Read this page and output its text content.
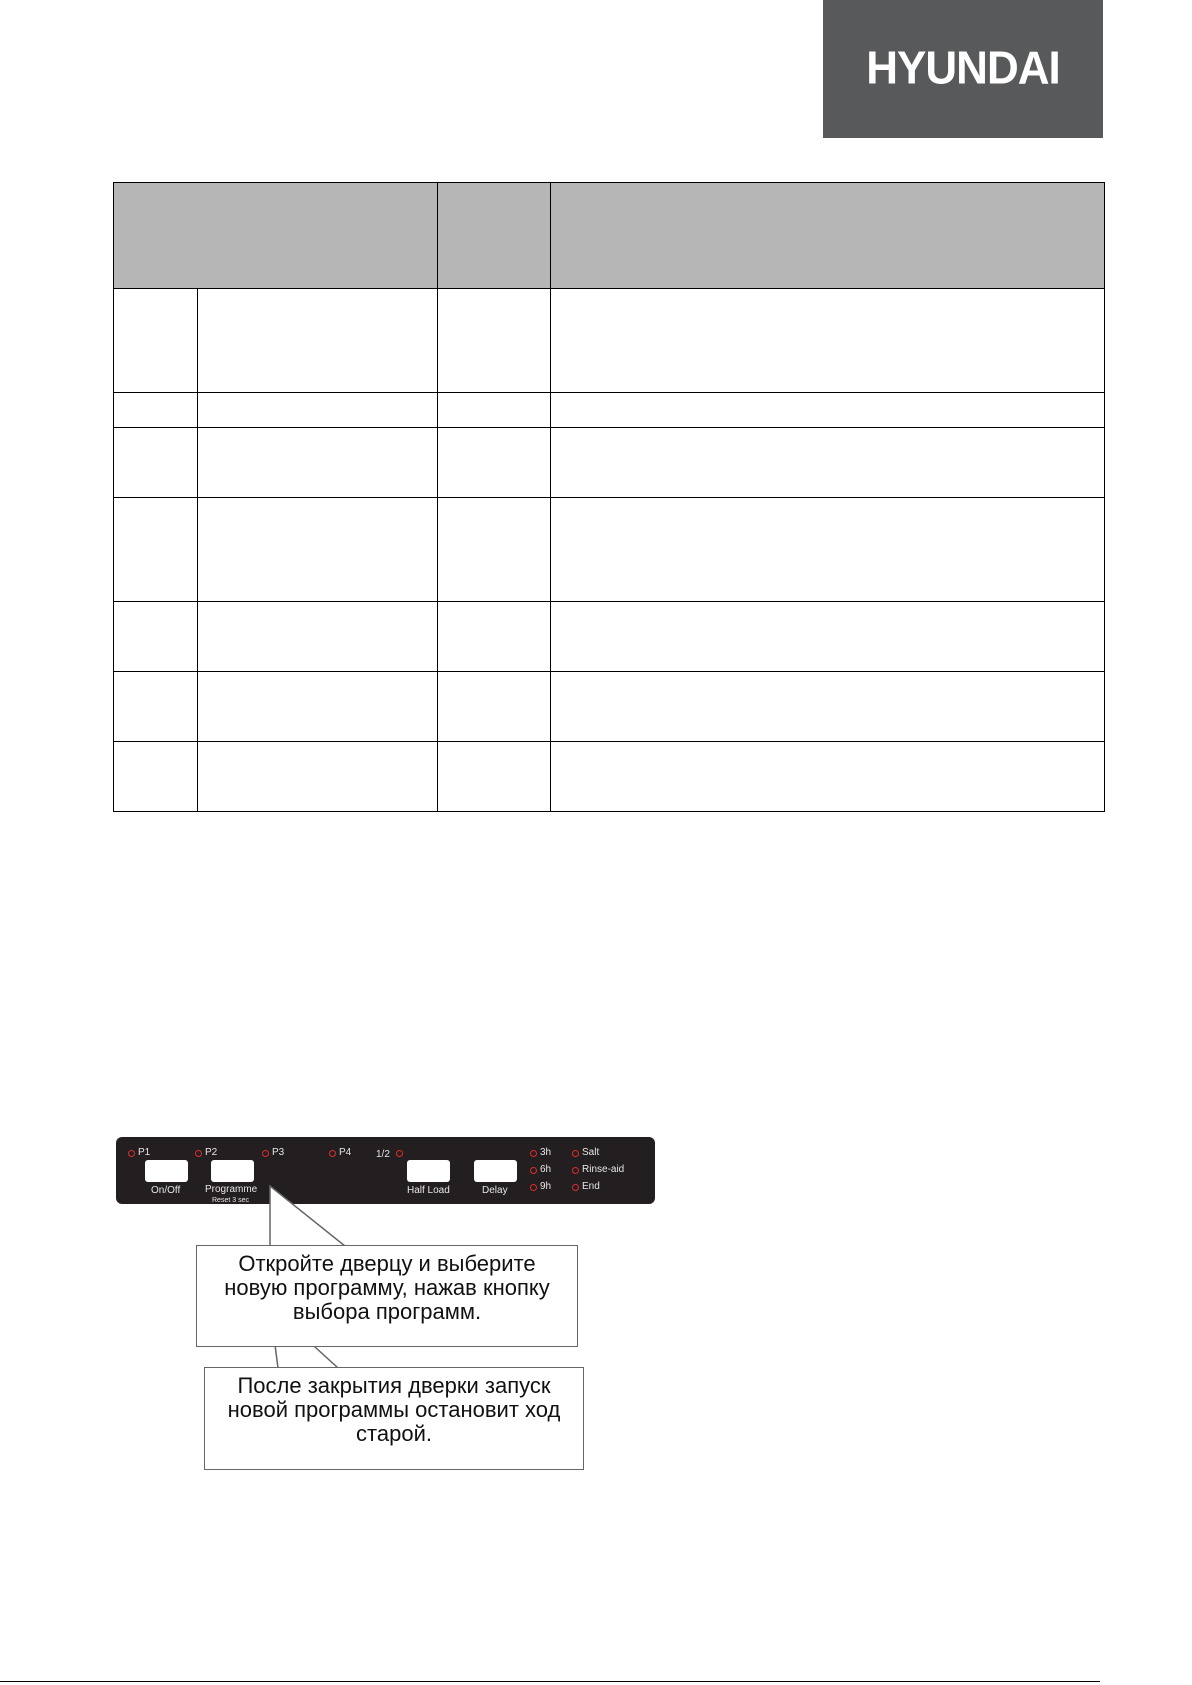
HYUNDAI

P1	P2	P3	P4 1/2
On/Off Programme
Reset 3 sec
Half Load	Delay
3h
6h
9h
Salt
Rinse-aid
End
Откройте дверцу и выберите новую программу, нажав кнопку выбора программ.
После закрытия дверки запуск новой программы остановит ход старой.
